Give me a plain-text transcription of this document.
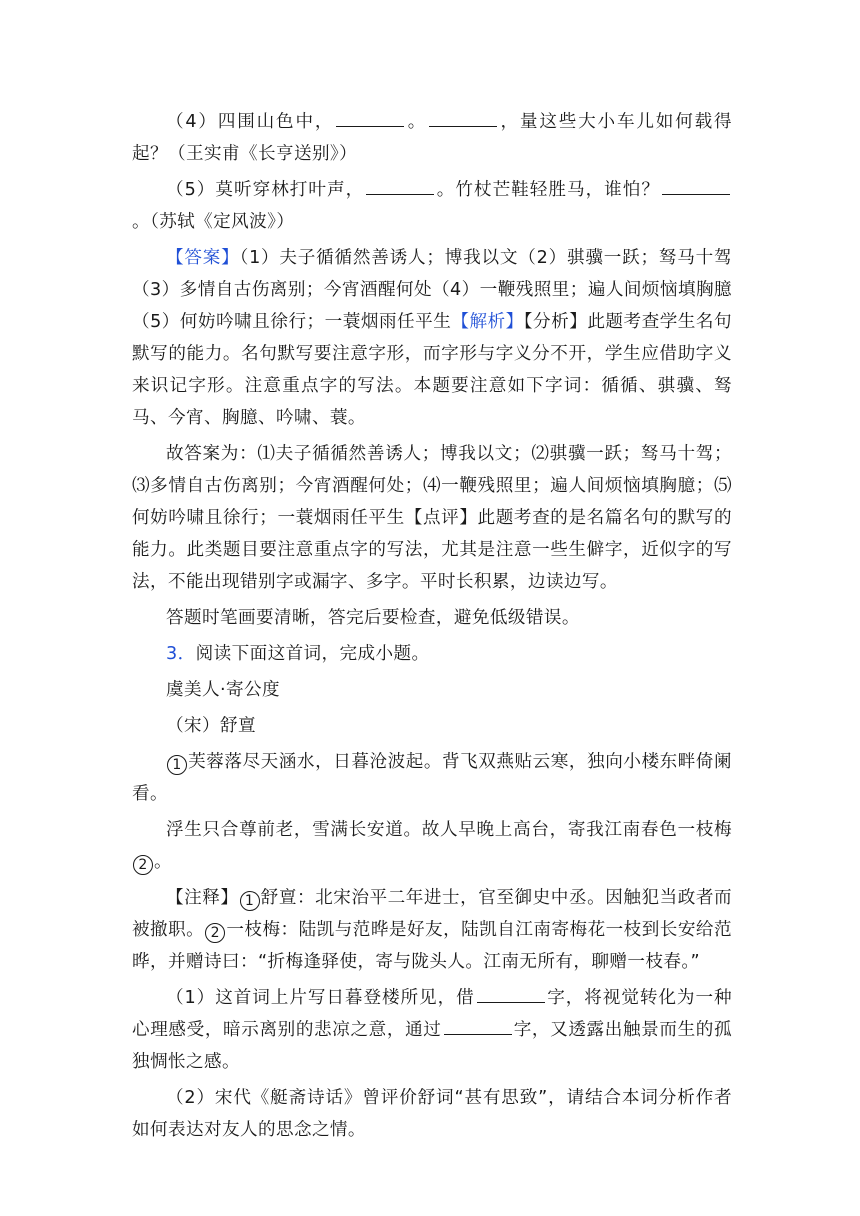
（4）四围山色中，	。	，量这些大小车儿如何载得起？（王实甫《长亨送别》）

（5）莫听穿林打叶声，	。竹杖芒鞋轻胜马，谁怕？。（苏轼《定风波》）

【答案】（1）夫子循循然善诱人；博我以文（2）骐骥一跃；驽马十驾（3）多情自古伤离别；今宵酒醒何处（4）一鞭残照里；遍人间烦恼填胸臆（5）何妨吟啸且徐行；一蓑烟雨任平生【解析】【分析】此题考查学生名句默写的能力。名句默写要注意字形，而字形与字义分不开，学生应借助字义来识记字形。注意重点字的写法。本题要注意如下字词：循循、骐骥、驽马、今宵、胸臆、吟啸、蓑。

故答案为：⑴夫子循循然善诱人；博我以文；⑵骐骥一跃；驽马十驾；⑶多情自古伤离别；今宵酒醒何处；⑷一鞭残照里；遍人间烦恼填胸臆；⑸何妨吟啸且徐行；一蓑烟雨任平生【点评】此题考查的是名篇名句的默写的能力。此类题目要注意重点字的写法，尤其是注意一些生僻字，近似字的写法，不能出现错别字或漏字、多字。平时长积累，边读边写。

答题时笔画要清晰，答完后要检查，避免低级错误。

3．阅读下面这首词，完成小题。

虞美人·寄公度

（宋）舒亶

1 芙蓉落尽天涵水，日暮沧波起。背飞双燕贴云寒，独向小楼东畔倚阑看。

浮生只合尊前老，雪满长安道。故人早晚上高台，寄我江南春色一枝梅2 。

【注释】 1 舒亶：北宋治平二年进士，官至御史中丞。因触犯当政者而被撤职。 2 一枝梅：陆凯与范晔是好友，陆凯自江南寄梅花一枝到长安给范晔，并赠诗曰：“折梅逢驿使，寄与陇头人。江南无所有，聊赠一枝春。”

（1）这首词上片写日暮登楼所见，借	字，将视觉转化为一种心理感受，暗示离别的悲凉之意，通过	字，又透露出触景而生的孤独惆怅之感。

（2）宋代《艇斋诗话》曾评价舒词“甚有思致”，请结合本词分析作者如何表达对友人的思念之情。
